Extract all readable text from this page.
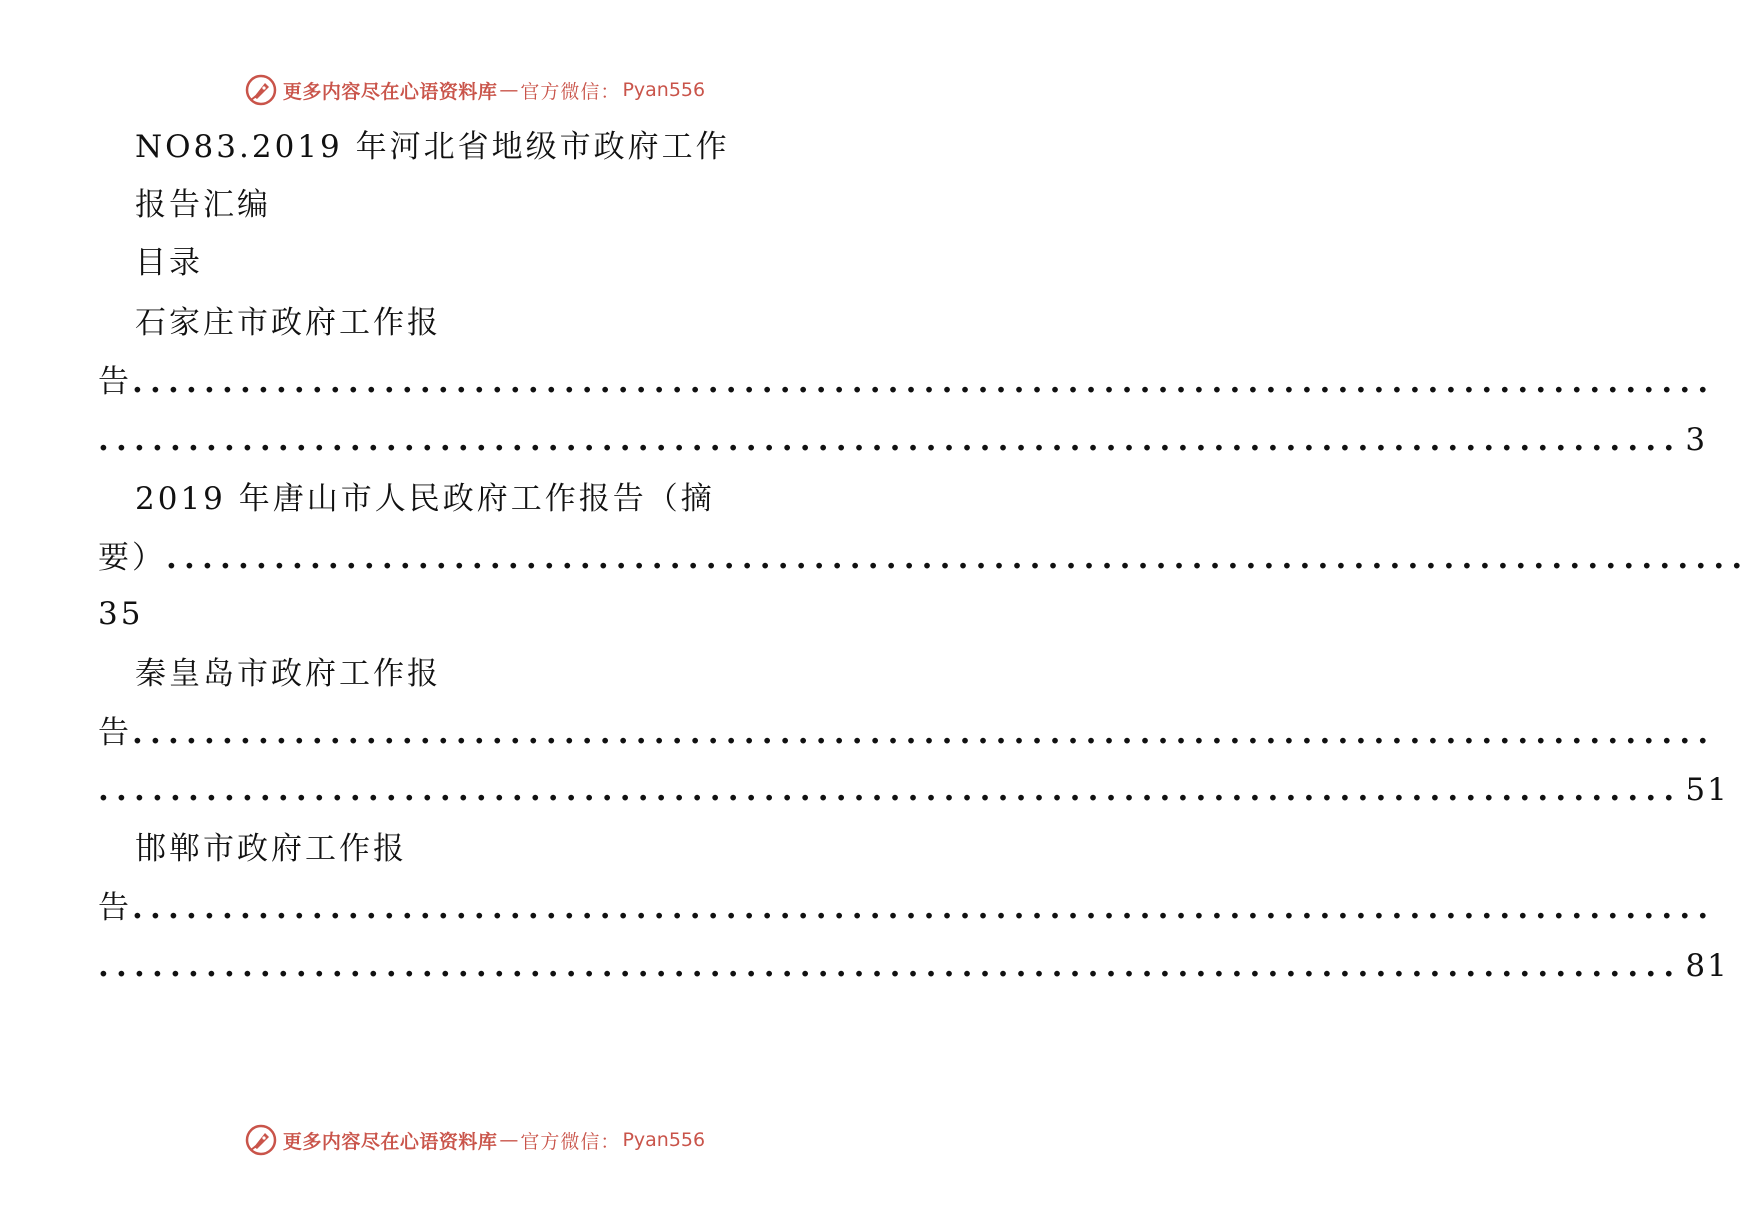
更多内容尽在心语资料库 — 官方微信： Pyan556
NO83.2019 年河北省地级市政府工作
报告汇编
目录
石家庄市政府工作报
告 ........................................................................................
........................................................................................ 3
2019 年唐山市人民政府工作报告（摘
要） ........................................................................................
35
秦皇岛市政府工作报
告 ........................................................................................
........................................................................................ 51
邯郸市政府工作报
告 ........................................................................................
........................................................................................ 81
更多内容尽在心语资料库 — 官方微信： Pyan556
